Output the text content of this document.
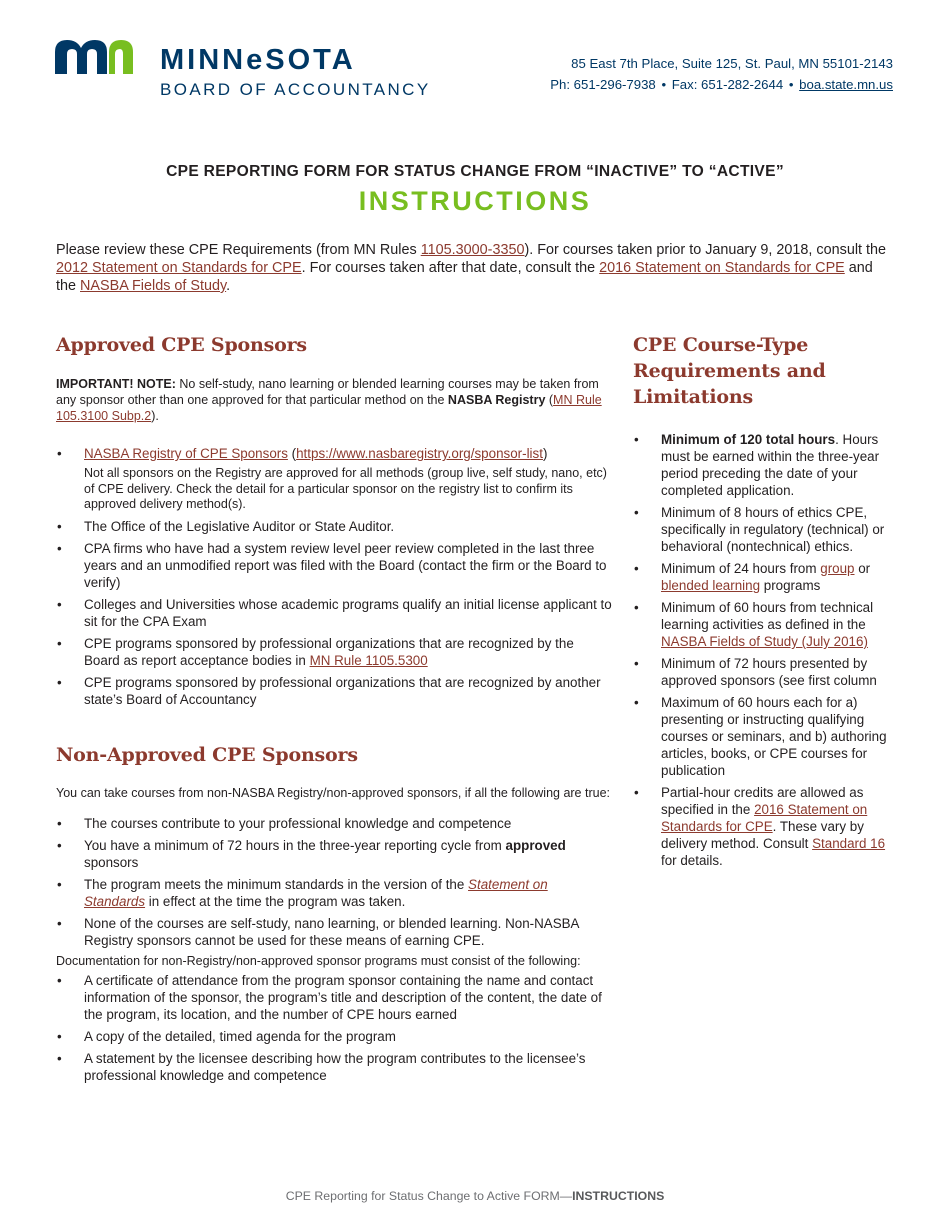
MINNeSOTA
BOARD OF ACCOUNTANCY
85 East 7th Place, Suite 125, St. Paul, MN 55101-2143
Ph: 651-296-7938 • Fax: 651-282-2644 • boa.state.mn.us
CPE REPORTING FORM FOR STATUS CHANGE FROM “INACTIVE” TO “ACTIVE”
INSTRUCTIONS
Please review these CPE Requirements (from MN Rules 1105.3000-3350). For courses taken prior to January 9, 2018, consult the 2012 Statement on Standards for CPE. For courses taken after that date, consult the 2016 Statement on Standards for CPE and the NASBA Fields of Study.
Approved CPE Sponsors
IMPORTANT! NOTE: No self-study, nano learning or blended learning courses may be taken from any sponsor other than one approved for that particular method on the NASBA Registry (MN Rule 105.3100 Subp.2).
• NASBA Registry of CPE Sponsors (https://www.nasbaregistry.org/sponsor-list)
Not all sponsors on the Registry are approved for all methods (group live, self study, nano, etc) of CPE delivery. Check the detail for a particular sponsor on the registry list to confirm its approved delivery method(s).
• The Office of the Legislative Auditor or State Auditor.
• CPA firms who have had a system review level peer review completed in the last three years and an unmodified report was filed with the Board (contact the firm or the Board to verify)
• Colleges and Universities whose academic programs qualify an initial license applicant to sit for the CPA Exam
• CPE programs sponsored by professional organizations that are recognized by the Board as report acceptance bodies in MN Rule 1105.5300
• CPE programs sponsored by professional organizations that are recognized by another state’s Board of Accountancy
Non-Approved CPE Sponsors
You can take courses from non-NASBA Registry/non-approved sponsors, if all the following are true:
• The courses contribute to your professional knowledge and competence
• You have a minimum of 72 hours in the three-year reporting cycle from approved sponsors
• The program meets the minimum standards in the version of the Statement on Standards in effect at the time the program was taken.
• None of the courses are self-study, nano learning, or blended learning. Non-NASBA Registry sponsors cannot be used for these means of earning CPE.
Documentation for non-Registry/non-approved sponsor programs must consist of the following:
• A certificate of attendance from the program sponsor containing the name and contact information of the sponsor, the program’s title and description of the content, the date of the program, its location, and the number of CPE hours earned
• A copy of the detailed, timed agenda for the program
• A statement by the licensee describing how the program contributes to the licensee’s professional knowledge and competence
CPE Course-Type Requirements and Limitations
• Minimum of 120 total hours. Hours must be earned within the three-year period preceding the date of your completed application.
• Minimum of 8 hours of ethics CPE, specifically in regulatory (technical) or behavioral (nontechnical) ethics.
• Minimum of 24 hours from group or blended learning programs
• Minimum of 60 hours from technical learning activities as defined in the NASBA Fields of Study (July 2016)
• Minimum of 72 hours presented by approved sponsors (see first column
• Maximum of 60 hours each for a) presenting or instructing qualifying courses or seminars, and b) authoring articles, books, or CPE courses for publication
• Partial-hour credits are allowed as specified in the 2016 Statement on Standards for CPE. These vary by delivery method. Consult Standard 16 for details.
CPE Reporting for Status Change to Active FORM—INSTRUCTIONS
